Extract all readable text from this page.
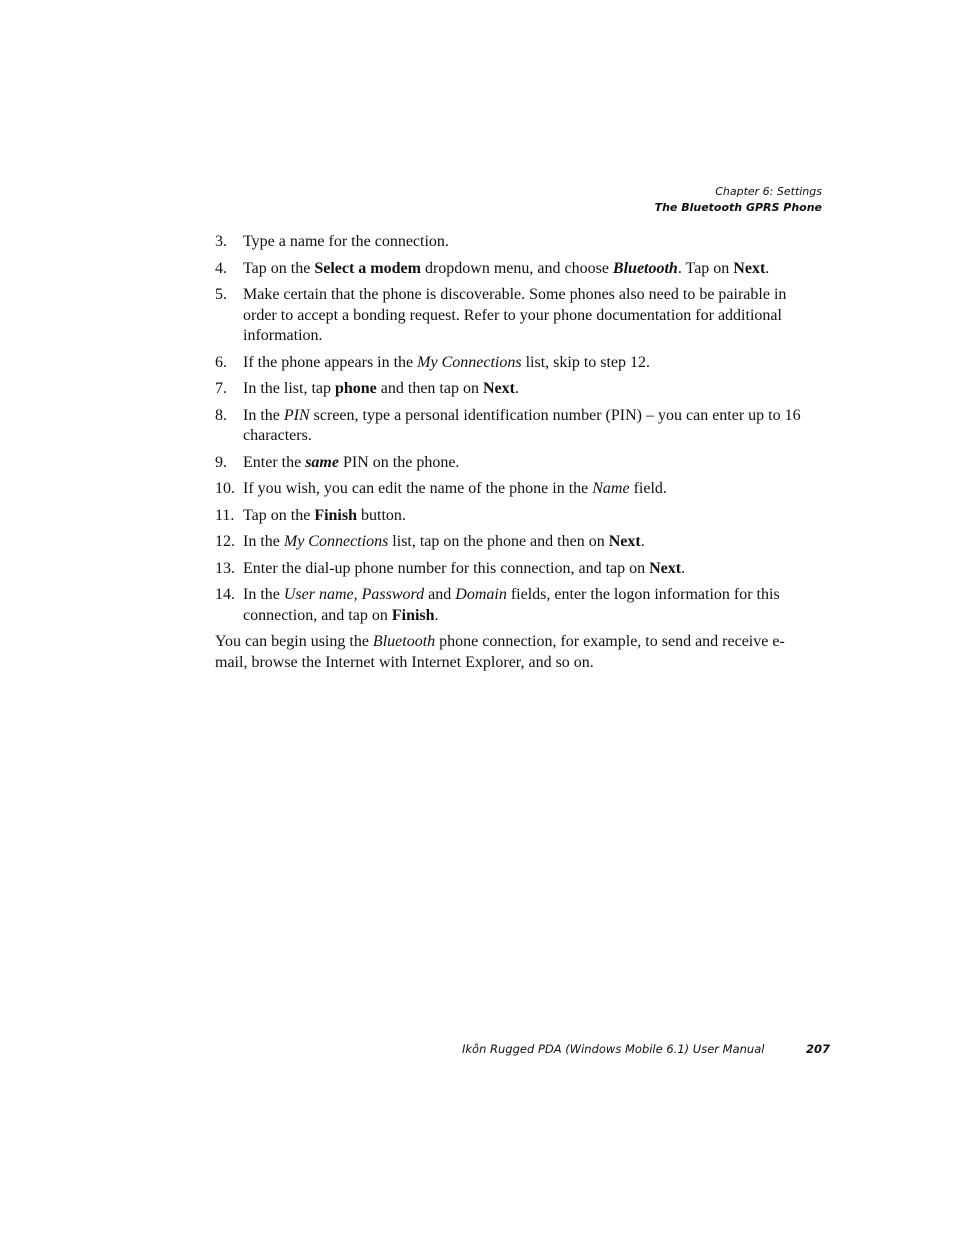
Chapter 6: Settings
The Bluetooth GPRS Phone
3. Type a name for the connection.
4. Tap on the Select a modem dropdown menu, and choose Bluetooth. Tap on Next.
5. Make certain that the phone is discoverable. Some phones also need to be pairable in order to accept a bonding request. Refer to your phone documentation for additional information.
6. If the phone appears in the My Connections list, skip to step 12.
7. In the list, tap phone and then tap on Next.
8. In the PIN screen, type a personal identification number (PIN) – you can enter up to 16 characters.
9. Enter the same PIN on the phone.
10. If you wish, you can edit the name of the phone in the Name field.
11. Tap on the Finish button.
12. In the My Connections list, tap on the phone and then on Next.
13. Enter the dial-up phone number for this connection, and tap on Next.
14. In the User name, Password and Domain fields, enter the logon information for this connection, and tap on Finish.

You can begin using the Bluetooth phone connection, for example, to send and receive e-mail, browse the Internet with Internet Explorer, and so on.

Ikôn Rugged PDA (Windows Mobile 6.1) User Manual	207
